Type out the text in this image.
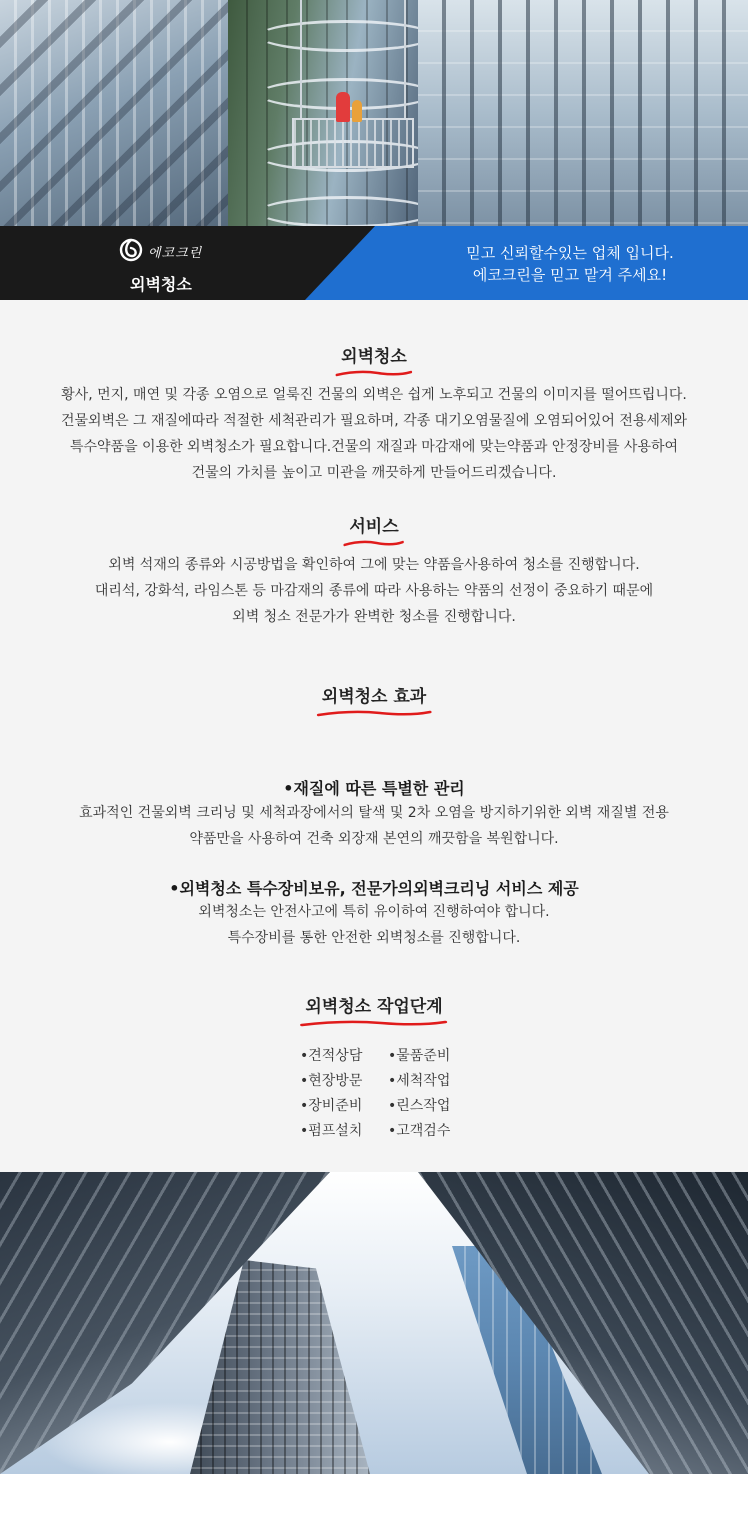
에코크린
외벽청소
믿고 신뢰할수있는 업체 입니다.
에코크린을 믿고 맡겨 주세요!
외벽청소

황사, 먼지, 매연 및 각종 오염으로 얼룩진 건물의 외벽은 쉽게 노후되고 건물의 이미지를 떨어뜨립니다.

건물외벽은 그 재질에따라 적절한 세척관리가 필요하며, 각종 대기오염물질에 오염되어있어 전용세제와

특수약품을 이용한 외벽청소가 필요합니다.건물의 재질과 마감재에 맞는약품과 안정장비를 사용하여

건물의 가치를 높이고 미관을 깨끗하게 만들어드리겠습니다.

서비스

외벽 석재의 종류와 시공방법을 확인하여 그에 맞는 약품을사용하여 청소를 진행합니다.

대리석, 강화석, 라임스톤 등 마감재의 종류에 따라 사용하는 약품의 선정이 중요하기 때문에

외벽 청소 전문가가 완벽한 청소를 진행합니다.

외벽청소 효과
•재질에 따른 특별한 관리

효과적인 건물외벽 크리닝 및 세척과장에서의 탈색 및 2차 오염을 방지하기위한 외벽 재질별 전용

약품만을 사용하여 건축 외장재 본연의 깨끗함을 복원합니다.

•외벽청소 특수장비보유, 전문가의외벽크리닝 서비스 제공

외벽청소는 안전사고에 특히 유이하여 진행하여야 합니다.

특수장비를 통한 안전한 외벽청소를 진행합니다.

외벽청소 작업단계
•견적상담
•현장방문
•장비준비
•펌프설치
•물품준비
•세척작업
•린스작업
•고객검수
